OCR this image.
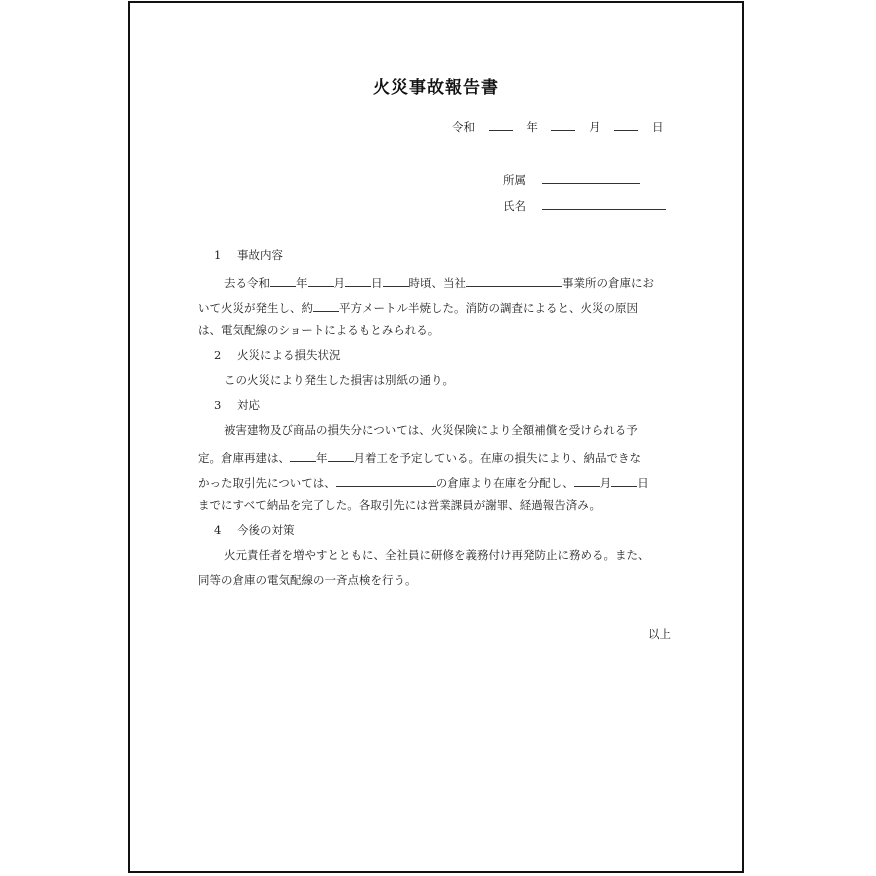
火災事故報告書
令和	年	月	日
所属
氏名
1 事故内容
去る令和 年 月 日 時頃、当社	事業所の倉庫にお
いて火災が発生し、約 平方メートル半焼した。消防の調査によると、火災の原因
は、電気配線のショートによるもとみられる。
2 火災による損失状況
この火災により発生した損害は別紙の通り。
3 対応
被害建物及び商品の損失分については、火災保険により全額補償を受けられる予
定。倉庫再建は、 年 月着工を予定している。在庫の損失により、納品できな
かった取引先については、	の倉庫より在庫を分配し、 月 日
までにすべて納品を完了した。各取引先には営業課員が謝罪、経過報告済み。
4 今後の対策
火元責任者を増やすとともに、全社員に研修を義務付け再発防止に務める。また、
同等の倉庫の電気配線の一斉点検を行う。
以上
